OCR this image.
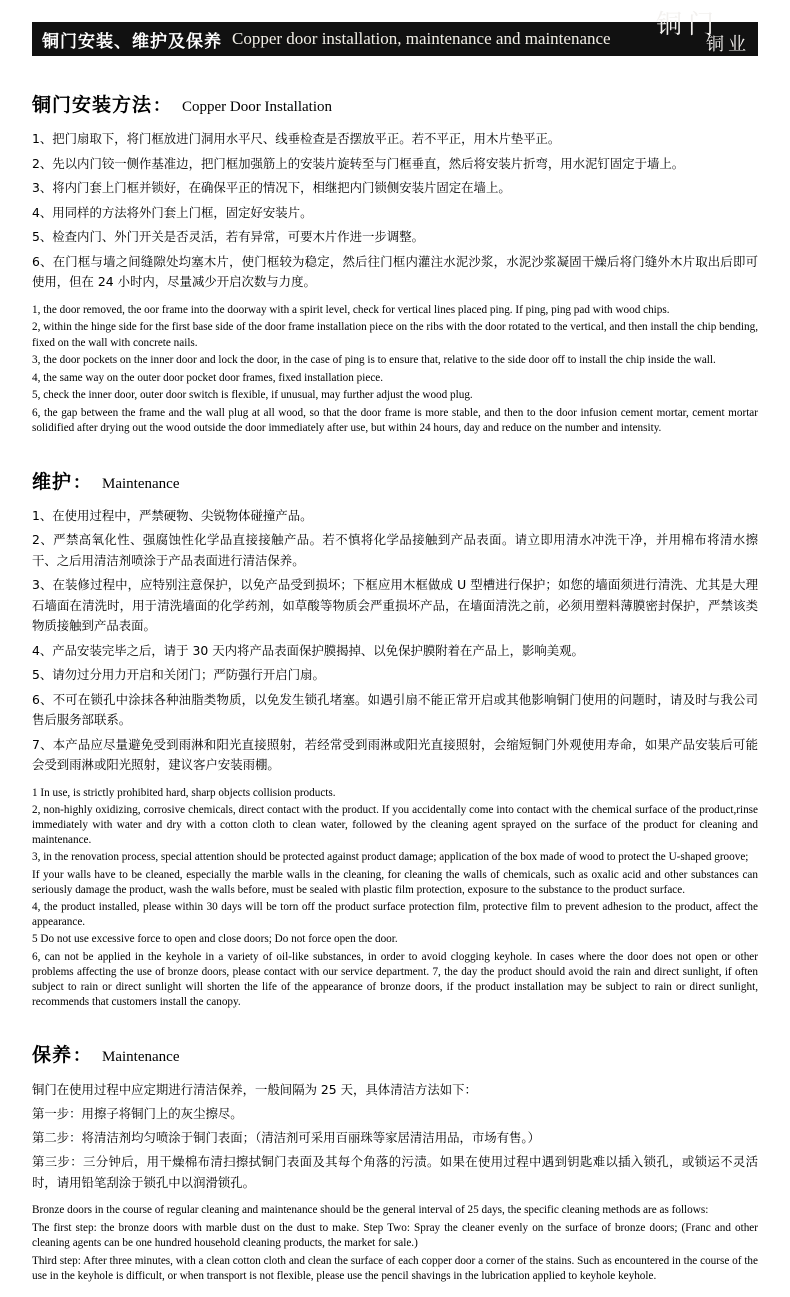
铜门
铜业
铜门安装、维护及保养 Copper door installation, maintenance and maintenance
铜门安装方法 ： Copper Door Installation
1、把门扇取下，将门框放进门洞用水平尺、线垂检查是否摆放平正。若不平正，用木片垫平正。
2、先以内门铰一侧作基准边，把门框加强筋上的安装片旋转至与门框垂直，然后将安装片折弯，用水泥钉固定于墙上。
3、将内门套上门框并锁好，在确保平正的情况下，相继把内门锁侧安装片固定在墙上。
4、用同样的方法将外门套上门框，固定好安装片。
5、检查内门、外门开关是否灵活，若有异常，可要木片作进一步调整。
6、在门框与墙之间缝隙处均塞木片，使门框较为稳定，然后往门框内灌注水泥沙浆，水泥沙浆凝固干燥后将门缝外木片取出后即可使用，但在 24 小时内，尽量减少开启次数与力度。

1, the door removed, the oor frame into the doorway with a spirit level, check for vertical lines placed ping. If ping, ping pad with wood chips.

2, within the hinge side for the first base side of the door frame installation piece on the ribs with the door rotated to the vertical, and then install the chip bending, fixed on the wall with concrete nails.

3, the door pockets on the inner door and lock the door, in the case of ping is to ensure that, relative to the side door off to install the chip inside the wall.

4, the same way on the outer door pocket door frames, fixed installation piece.

5, check the inner door, outer door switch is flexible, if unusual, may further adjust the wood plug.

6, the gap between the frame and the wall plug at all wood, so that the door frame is more stable, and then to the door infusion cement mortar, cement mortar solidified after drying out the wood outside the door immediately after use, but within 24 hours, day and reduce on the number and intensity.

维护 ： Maintenance
1、在使用过程中，严禁硬物、尖锐物体碰撞产品。
2、严禁高氧化性、强腐蚀性化学品直接接触产品。若不慎将化学品接触到产品表面。请立即用清水冲洗干净，并用棉布将清水擦干、之后用清洁剂喷涂于产品表面进行清洁保养。
3、在装修过程中，应特别注意保护，以免产品受到损坏；下框应用木框做成 U 型槽进行保护；如您的墙面须进行清洗、尤其是大理石墙面在清洗时，用于清洗墙面的化学药剂，如草酸等物质会严重损坏产品，在墙面清洗之前，必须用塑料薄膜密封保护，严禁该类物质接触到产品表面。
4、产品安装完毕之后，请于 30 天内将产品表面保护膜揭掉、以免保护膜附着在产品上，影响美观。
5、请勿过分用力开启和关闭门；严防强行开启门扇。
6、不可在锁孔中涂抹各种油脂类物质，以免发生锁孔堵塞。如遇引扇不能正常开启或其他影响铜门使用的问题时，请及时与我公司售后服务部联系。
7、本产品应尽量避免受到雨淋和阳光直接照射，若经常受到雨淋或阳光直接照射，会缩短铜门外观使用寿命，如果产品安装后可能会受到雨淋或阳光照射，建议客户安装雨棚。

1 In use, is strictly prohibited hard, sharp objects collision products.

2, non-highly oxidizing, corrosive chemicals, direct contact with the product. If you accidentally come into contact with the chemical surface of the product,rinse immediately with water and dry with a cotton cloth to clean water, followed by the cleaning agent sprayed on the surface of the product for cleaning and maintenance.

3, in the renovation process, special attention should be protected against product damage; application of the box made of wood to protect the U-shaped groove;

If your walls have to be cleaned, especially the marble walls in the cleaning, for cleaning the walls of chemicals, such as oxalic acid and other substances can seriously damage the product, wash the walls before, must be sealed with plastic film protection, exposure to the substance to the product surface.

4, the product installed, please within 30 days will be torn off the product surface protection film, protective film to prevent adhesion to the product, affect the appearance.

5 Do not use excessive force to open and close doors; Do not force open the door.

6, can not be applied in the keyhole in a variety of oil-like substances, in order to avoid clogging keyhole. In cases where the door does not open or other problems affecting the use of bronze doors, please contact with our service department. 7, the day the product should avoid the rain and direct sunlight, if often subject to rain or direct sunlight will shorten the life of the appearance of bronze doors, if the product installation may be subject to rain or direct sunlight, recommends that customers install the canopy.

保养 ： Maintenance

铜门在使用过程中应定期进行清洁保养，一般间隔为 25 天，具体清洁方法如下：

第一步：用擦子将铜门上的灰尘擦尽。

第二步：将清洁剂均匀喷涂于铜门表面；（清洁剂可采用百丽珠等家居清洁用品，市场有售。）

第三步：三分钟后，用干燥棉布清扫擦拭铜门表面及其每个角落的污渍。如果在使用过程中遇到钥匙难以插入锁孔，或锁运不灵活时，请用铅笔刮涂于锁孔中以润滑锁孔。

Bronze doors in the course of regular cleaning and maintenance should be the general interval of 25 days, the specific cleaning methods are as follows:

The first step: the bronze doors with marble dust on the dust to make. Step Two: Spray the cleaner evenly on the surface of bronze doors; (Franc and other cleaning agents can be one hundred household cleaning products, the market for sale.)

Third step: After three minutes, with a clean cotton cloth and clean the surface of each copper door a corner of the stains. Such as encountered in the course of the use in the keyhole is difficult, or when transport is not flexible, please use the pencil shavings in the lubrication applied to keyhole keyhole.
